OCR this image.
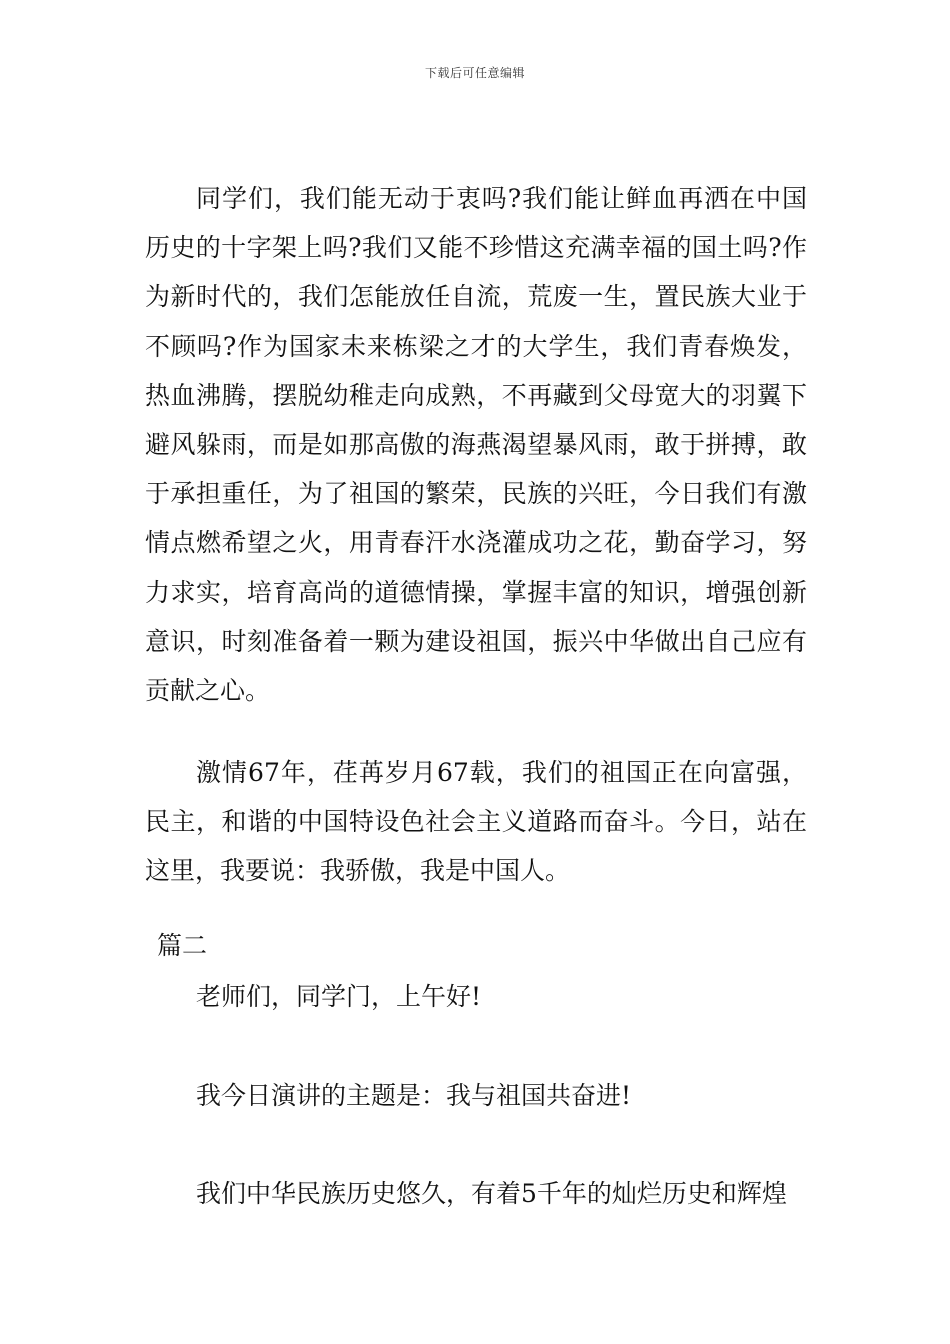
下载后可任意编辑

同学们，我们能无动于衷吗?我们能让鲜血再洒在中国历史的十字架上吗?我们又能不珍惜这充满幸福的国土吗?作为新时代的，我们怎能放任自流，荒废一生，置民族大业于不顾吗?作为国家未来栋梁之才的大学生，我们青春焕发，热血沸腾，摆脱幼稚走向成熟，不再藏到父母宽大的羽翼下避风躲雨，而是如那高傲的海燕渴望暴风雨，敢于拼搏，敢于承担重任，为了祖国的繁荣，民族的兴旺，今日我们有激情点燃希望之火，用青春汗水浇灌成功之花，勤奋学习，努力求实，培育高尚的道德情操，掌握丰富的知识，增强创新意识，时刻准备着一颗为建设祖国，振兴中华做出自己应有贡献之心。

激情67年，荏苒岁月67载，我们的祖国正在向富强，民主，和谐的中国特设色社会主义道路而奋斗。今日，站在这里，我要说：我骄傲，我是中国人。

篇二

老师们，同学门，上午好!

我今日演讲的主题是：我与祖国共奋进!

我们中华民族历史悠久，有着5千年的灿烂历史和辉煌
